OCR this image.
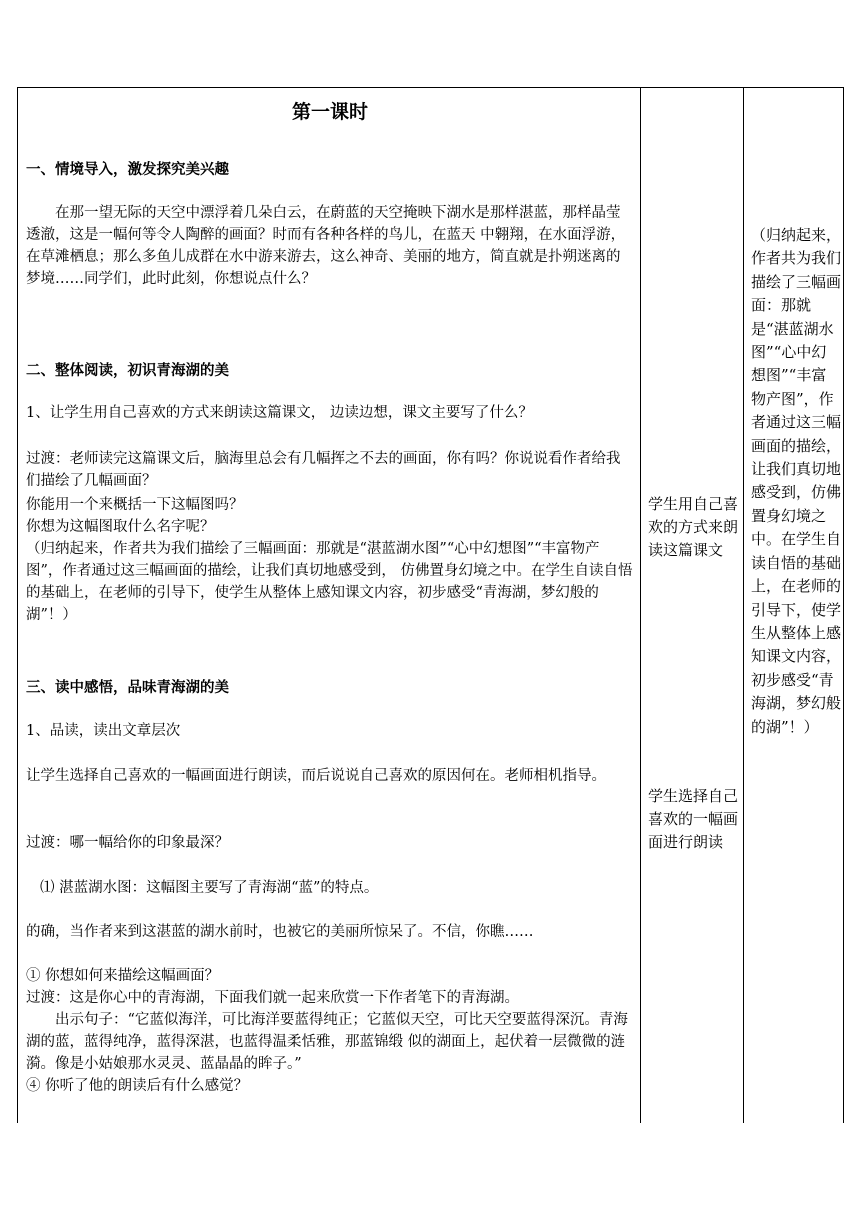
第一课时
一、情境导入，激发探究美兴趣
在那一望无际的天空中漂浮着几朵白云，在蔚蓝的天空掩映下湖水是那样湛蓝，那样晶莹透澈，这是一幅何等令人陶醉的画面？时而有各种各样的鸟儿，在蓝天 中翱翔，在水面浮游，在草滩栖息；那么多鱼儿成群在水中游来游去，这么神奇、美丽的地方，简直就是扑朔迷离的梦境……同学们，此时此刻，你想说点什么？
二、整体阅读，初识青海湖的美
1、让学生用自己喜欢的方式来朗读这篇课文， 边读边想，课文主要写了什么？
过渡：老师读完这篇课文后，脑海里总会有几幅挥之不去的画面，你有吗？你说说看作者给我们描绘了几幅画面？
你能用一个来概括一下这幅图吗？
你想为这幅图取什么名字呢？
（归纳起来，作者共为我们描绘了三幅画面：那就是“湛蓝湖水图”“心中幻想图”“丰富物产图”，作者通过这三幅画面的描绘，让我们真切地感受到， 仿佛置身幻境之中。在学生自读自悟的基础上，在老师的引导下，使学生从整体上感知课文内容，初步感受“青海湖，梦幻般的湖”！）
三、读中感悟，品味青海湖的美
1、品读，读出文章层次
让学生选择自己喜欢的一幅画面进行朗读，而后说说自己喜欢的原因何在。老师相机指导。
过渡：哪一幅给你的印象最深？
⑴ 湛蓝湖水图：这幅图主要写了青海湖“蓝”的特点。
的确，当作者来到这湛蓝的湖水前时，也被它的美丽所惊呆了。不信，你瞧……
① 你想如何来描绘这幅画面？
过渡：这是你心中的青海湖，下面我们就一起来欣赏一下作者笔下的青海湖。
出示句子：“它蓝似海洋，可比海洋要蓝得纯正；它蓝似天空，可比天空要蓝得深沉。青海湖的蓝，蓝得纯净，蓝得深湛，也蓝得温柔恬雅，那蓝锦缎 似的湖面上，起伏着一层微微的涟漪。像是小姑娘那水灵灵、蓝晶晶的眸子。”
④ 你听了他的朗读后有什么感觉？
学生用自己喜欢的方式来朗读这篇课文
学生选择自己喜欢的一幅画面进行朗读
（归纳起来，作者共为我们描绘了三幅画面：那就是“湛蓝湖水图”“心中幻想图”“丰富物产图”，作者通过这三幅画面的描绘，让我们真切地感受到，仿佛置身幻境之中。在学生自读自悟的基础上，在老师的引导下，使学生从整体上感知课文内容，初步感受“青海湖，梦幻般的湖”！）
